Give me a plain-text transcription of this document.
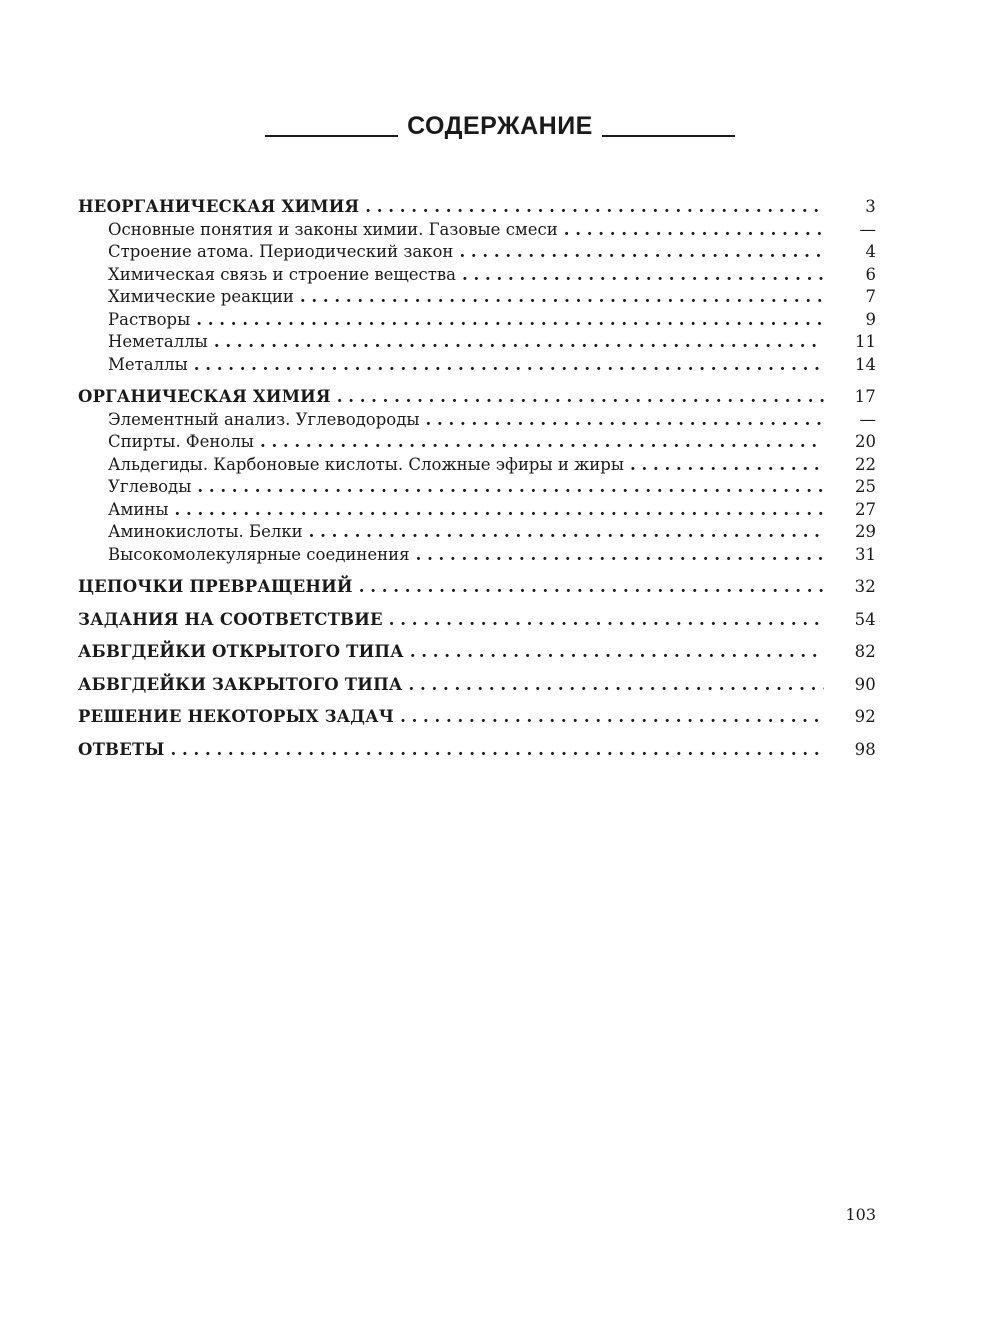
СОДЕРЖАНИЕ
НЕОРГАНИЧЕСКАЯ ХИМИЯ . . .	3
Основные понятия и законы химии. Газовые смеси . . .	—
Строение атома. Периодический закон . . .	4
Химическая связь и строение вещества . . .	6
Химические реакции . . .	7
Растворы . . .	9
Неметаллы . . .	11
Металлы . . .	14
ОРГАНИЧЕСКАЯ ХИМИЯ . . .	17
Элементный анализ. Углеводороды . . .	—
Спирты. Фенолы . . .	20
Альдегиды. Карбоновые кислоты. Сложные эфиры и жиры . . .	22
Углеводы . . .	25
Амины . . .	27
Аминокислоты. Белки . . .	29
Высокомолекулярные соединения . . .	31
ЦЕПОЧКИ ПРЕВРАЩЕНИЙ . . .	32
ЗАДАНИЯ НА СООТВЕТСТВИЕ . . .	54
АБВГДЕЙКИ ОТКРЫТОГО ТИПА . . .	82
АБВГДЕЙКИ ЗАКРЫТОГО ТИПА . . .	90
РЕШЕНИЕ НЕКОТОРЫХ ЗАДАЧ . . .	92
ОТВЕТЫ . . .	98
103
